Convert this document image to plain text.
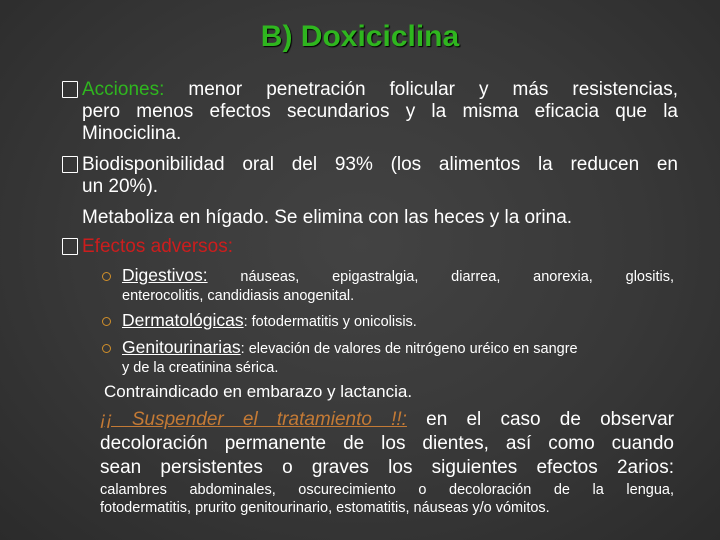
B) Doxiciclina
Acciones: menor penetración folicular y más resistencias,
pero menos efectos secundarios y la misma eficacia que la
Minociclina.
Biodisponibilidad oral del 93% (los alimentos la reducen en
un 20%).
Metaboliza en hígado. Se elimina con las heces y la orina.
Efectos adversos:
Digestivos: náuseas, epigastralgia, diarrea, anorexia, glositis,
enterocolitis, candidiasis anogenital.
Dermatológicas: fotodermatitis y onicolisis.
Genitourinarias: elevación de valores de nitrógeno uréico en sangre
y de la creatinina sérica.
Contraindicado en embarazo y lactancia.
¡¡ Suspender el tratamiento !!: en el caso de observar
decoloración permanente de los dientes, así como cuando
sean persistentes o graves los siguientes efectos 2arios:
calambres abdominales, oscurecimiento o decoloración de la lengua,
fotodermatitis, prurito genitourinario, estomatitis, náuseas y/o vómitos.
